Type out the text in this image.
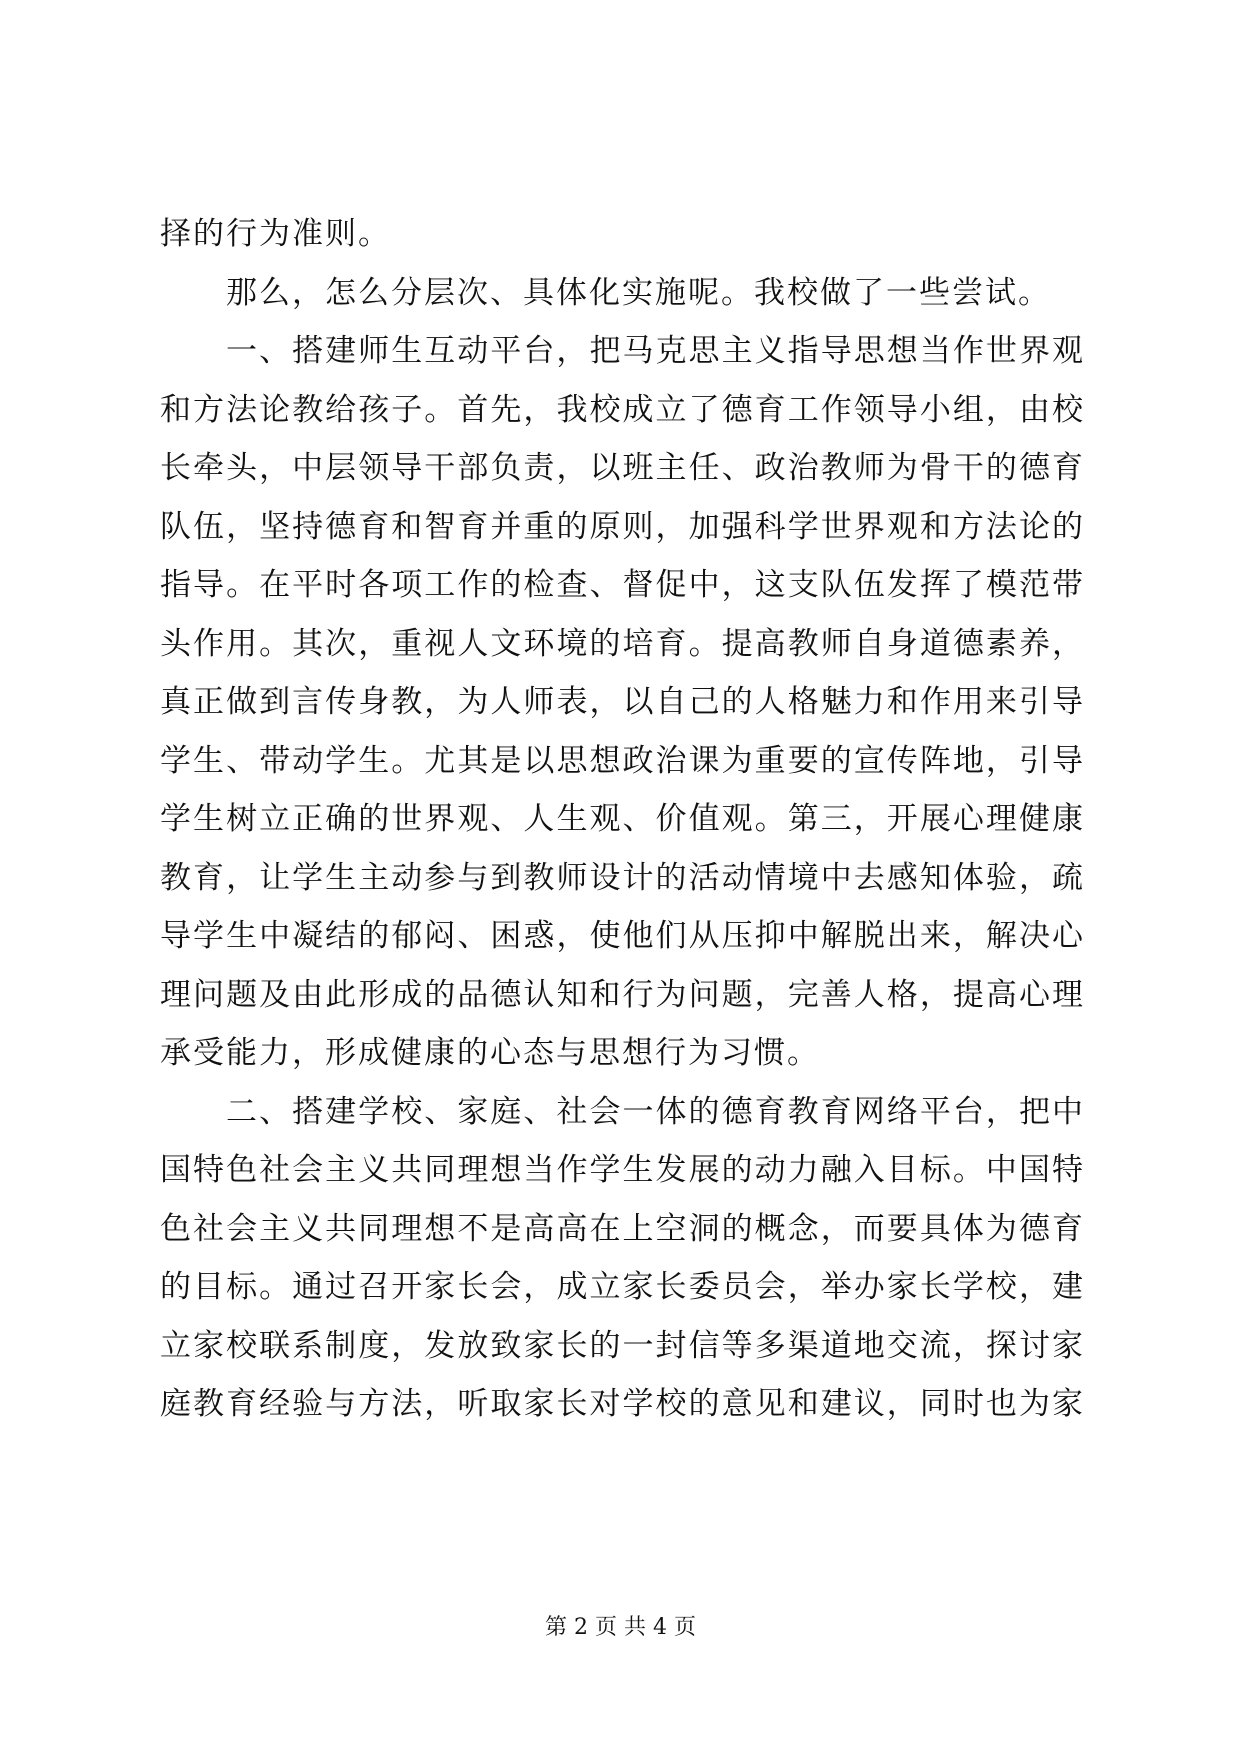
择的行为准则。
那么，怎么分层次、具体化实施呢。我校做了一些尝试。
一、搭建师生互动平台，把马克思主义指导思想当作世界观
和方法论教给孩子。首先，我校成立了德育工作领导小组，由校
长牵头，中层领导干部负责，以班主任、政治教师为骨干的德育
队伍，坚持德育和智育并重的原则，加强科学世界观和方法论的
指导。在平时各项工作的检查、督促中，这支队伍发挥了模范带
头作用。其次，重视人文环境的培育。提高教师自身道德素养，
真正做到言传身教，为人师表，以自己的人格魅力和作用来引导
学生、带动学生。尤其是以思想政治课为重要的宣传阵地，引导
学生树立正确的世界观、人生观、价值观。第三，开展心理健康
教育，让学生主动参与到教师设计的活动情境中去感知体验，疏
导学生中凝结的郁闷、困惑，使他们从压抑中解脱出来，解决心
理问题及由此形成的品德认知和行为问题，完善人格，提高心理
承受能力，形成健康的心态与思想行为习惯。
二、搭建学校、家庭、社会一体的德育教育网络平台，把中
国特色社会主义共同理想当作学生发展的动力融入目标。中国特
色社会主义共同理想不是高高在上空洞的概念，而要具体为德育
的目标。通过召开家长会，成立家长委员会，举办家长学校，建
立家校联系制度，发放致家长的一封信等多渠道地交流，探讨家
庭教育经验与方法，听取家长对学校的意见和建议，同时也为家
第 2 页 共 4 页
